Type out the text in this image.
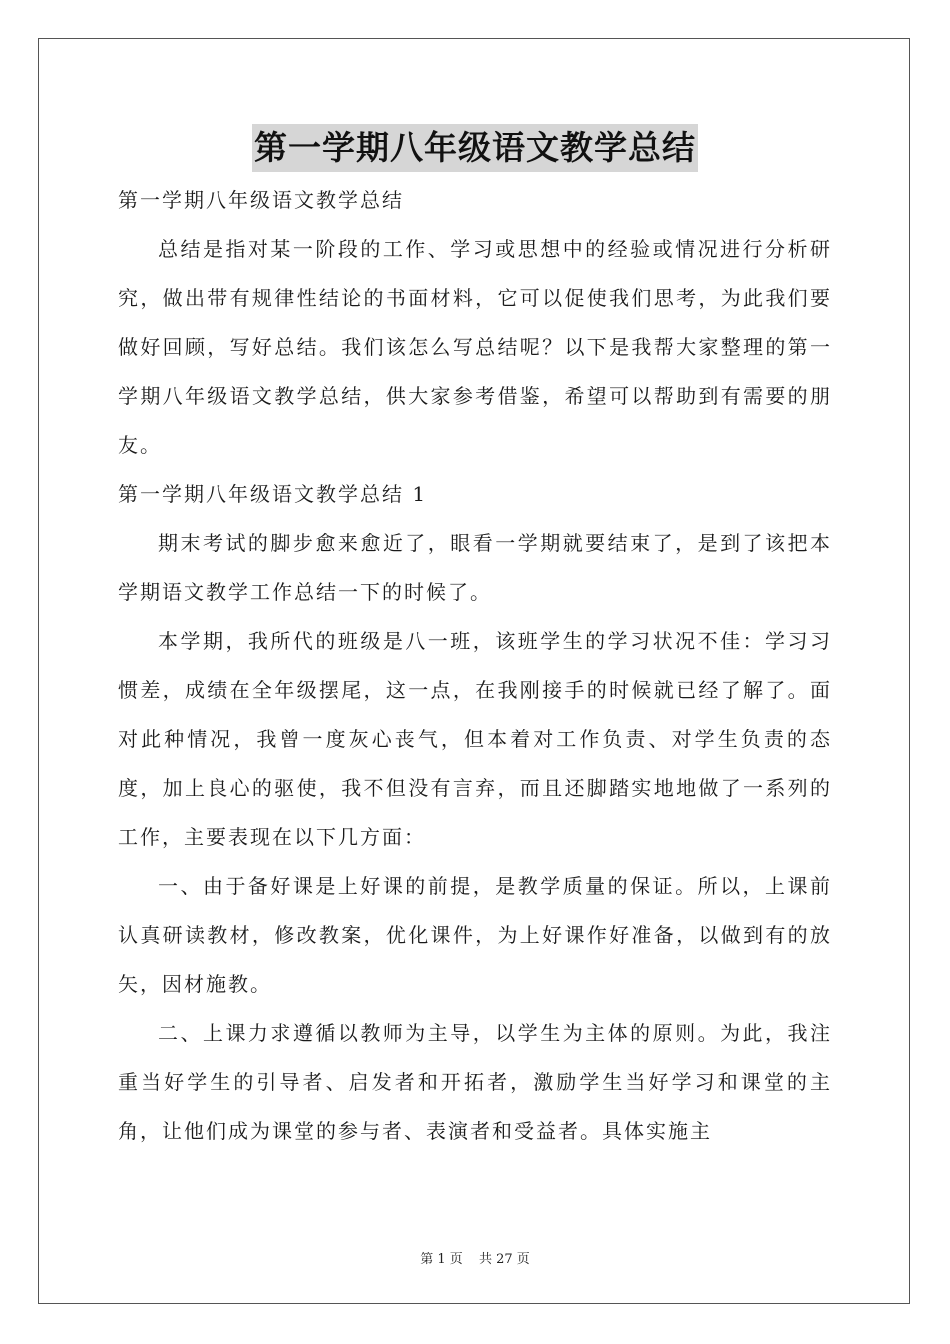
第一学期八年级语文教学总结

第一学期八年级语文教学总结

总结是指对某一阶段的工作、学习或思想中的经验或情况进行分析研究，做出带有规律性结论的书面材料，它可以促使我们思考，为此我们要做好回顾，写好总结。我们该怎么写总结呢？以下是我帮大家整理的第一学期八年级语文教学总结，供大家参考借鉴，希望可以帮助到有需要的朋友。

第一学期八年级语文教学总结 1

期末考试的脚步愈来愈近了，眼看一学期就要结束了，是到了该把本学期语文教学工作总结一下的时候了。

本学期，我所代的班级是八一班，该班学生的学习状况不佳：学习习惯差，成绩在全年级摆尾，这一点，在我刚接手的时候就已经了解了。面对此种情况，我曾一度灰心丧气，但本着对工作负责、对学生负责的态度，加上良心的驱使，我不但没有言弃，而且还脚踏实地地做了一系列的工作，主要表现在以下几方面：

一、由于备好课是上好课的前提，是教学质量的保证。所以，上课前认真研读教材，修改教案，优化课件，为上好课作好准备，以做到有的放矢，因材施教。

二、上课力求遵循以教师为主导，以学生为主体的原则。为此，我注重当好学生的引导者、启发者和开拓者，激励学生当好学习和课堂的主角，让他们成为课堂的参与者、表演者和受益者。具体实施主

第 1 页 共 27 页
